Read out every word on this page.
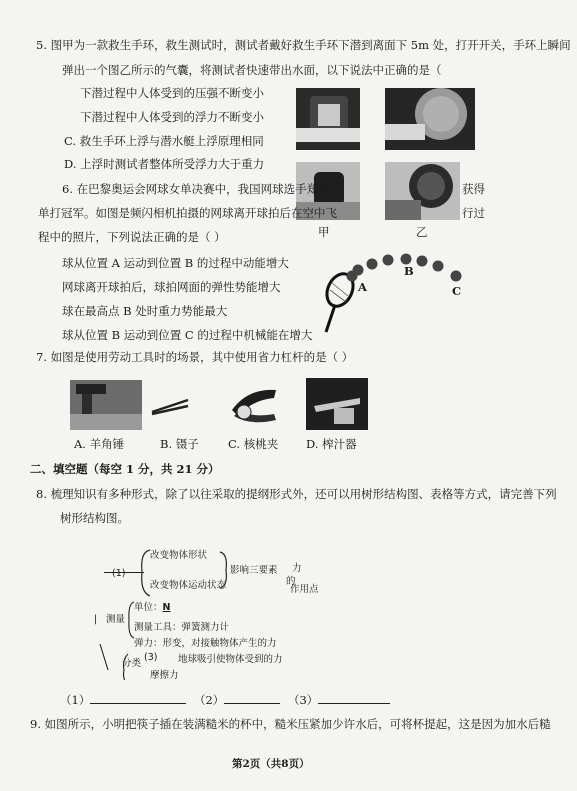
5. 图甲为一款救生手环，救生测试时，测试者戴好救生手环下潜到离面下 5m 处，打开开关，手环上瞬间
弹出一个图乙所示的气囊，将测试者快速带出水面，以下说法中正确的是（
下潜过程中人体受到的压强不断变小
下潜过程中人体受到的浮力不断变小
C. 救生手环上浮与潜水艇上浮原理相同
D. 上浮时测试者整体所受浮力大于重力
甲	乙
6. 在巴黎奥运会网球女单决赛中，我国网球选手郑钦文	获得
单打冠军。如图是频闪相机拍摄的网球离开球拍后在空中飞	行过
程中的照片，下列说法正确的是（ ）
球从位置 A 运动到位置 B 的过程中动能增大
网球离开球拍后，球拍网面的弹性势能增大
球在最高点 B 处时重力势能最大
球从位置 B 运动到位置 C 的过程中机械能在增大
A
B
C
7. 如图是使用劳动工具时的场景，其中使用省力杠杆的是（ ）
A. 羊角锤	B. 镊子	C. 核桃夹 D. 榨汁器
二、填空题（每空 1 分，共 21 分）
8. 梳理知识有多种形式，除了以往采取的提纲形式外，还可以用树形结构图、表格等方式，请完善下列
树形结构图。
(1)
改变物体形状
改变物体运动状态
影响三要素 力
的
作用点
| 测量
单位：N
测量工具：弹簧测力计
弹力：形变，对接触物体产生的力
分类
(3) 地球吸引使物体受到的力
摩擦力
（1）	（2）	（3）
9. 如图所示，小明把筷子插在装满糙米的杯中，糙米压紧加少许水后，可将杯提起，这是因为加水后糙
第2页（共8页）
